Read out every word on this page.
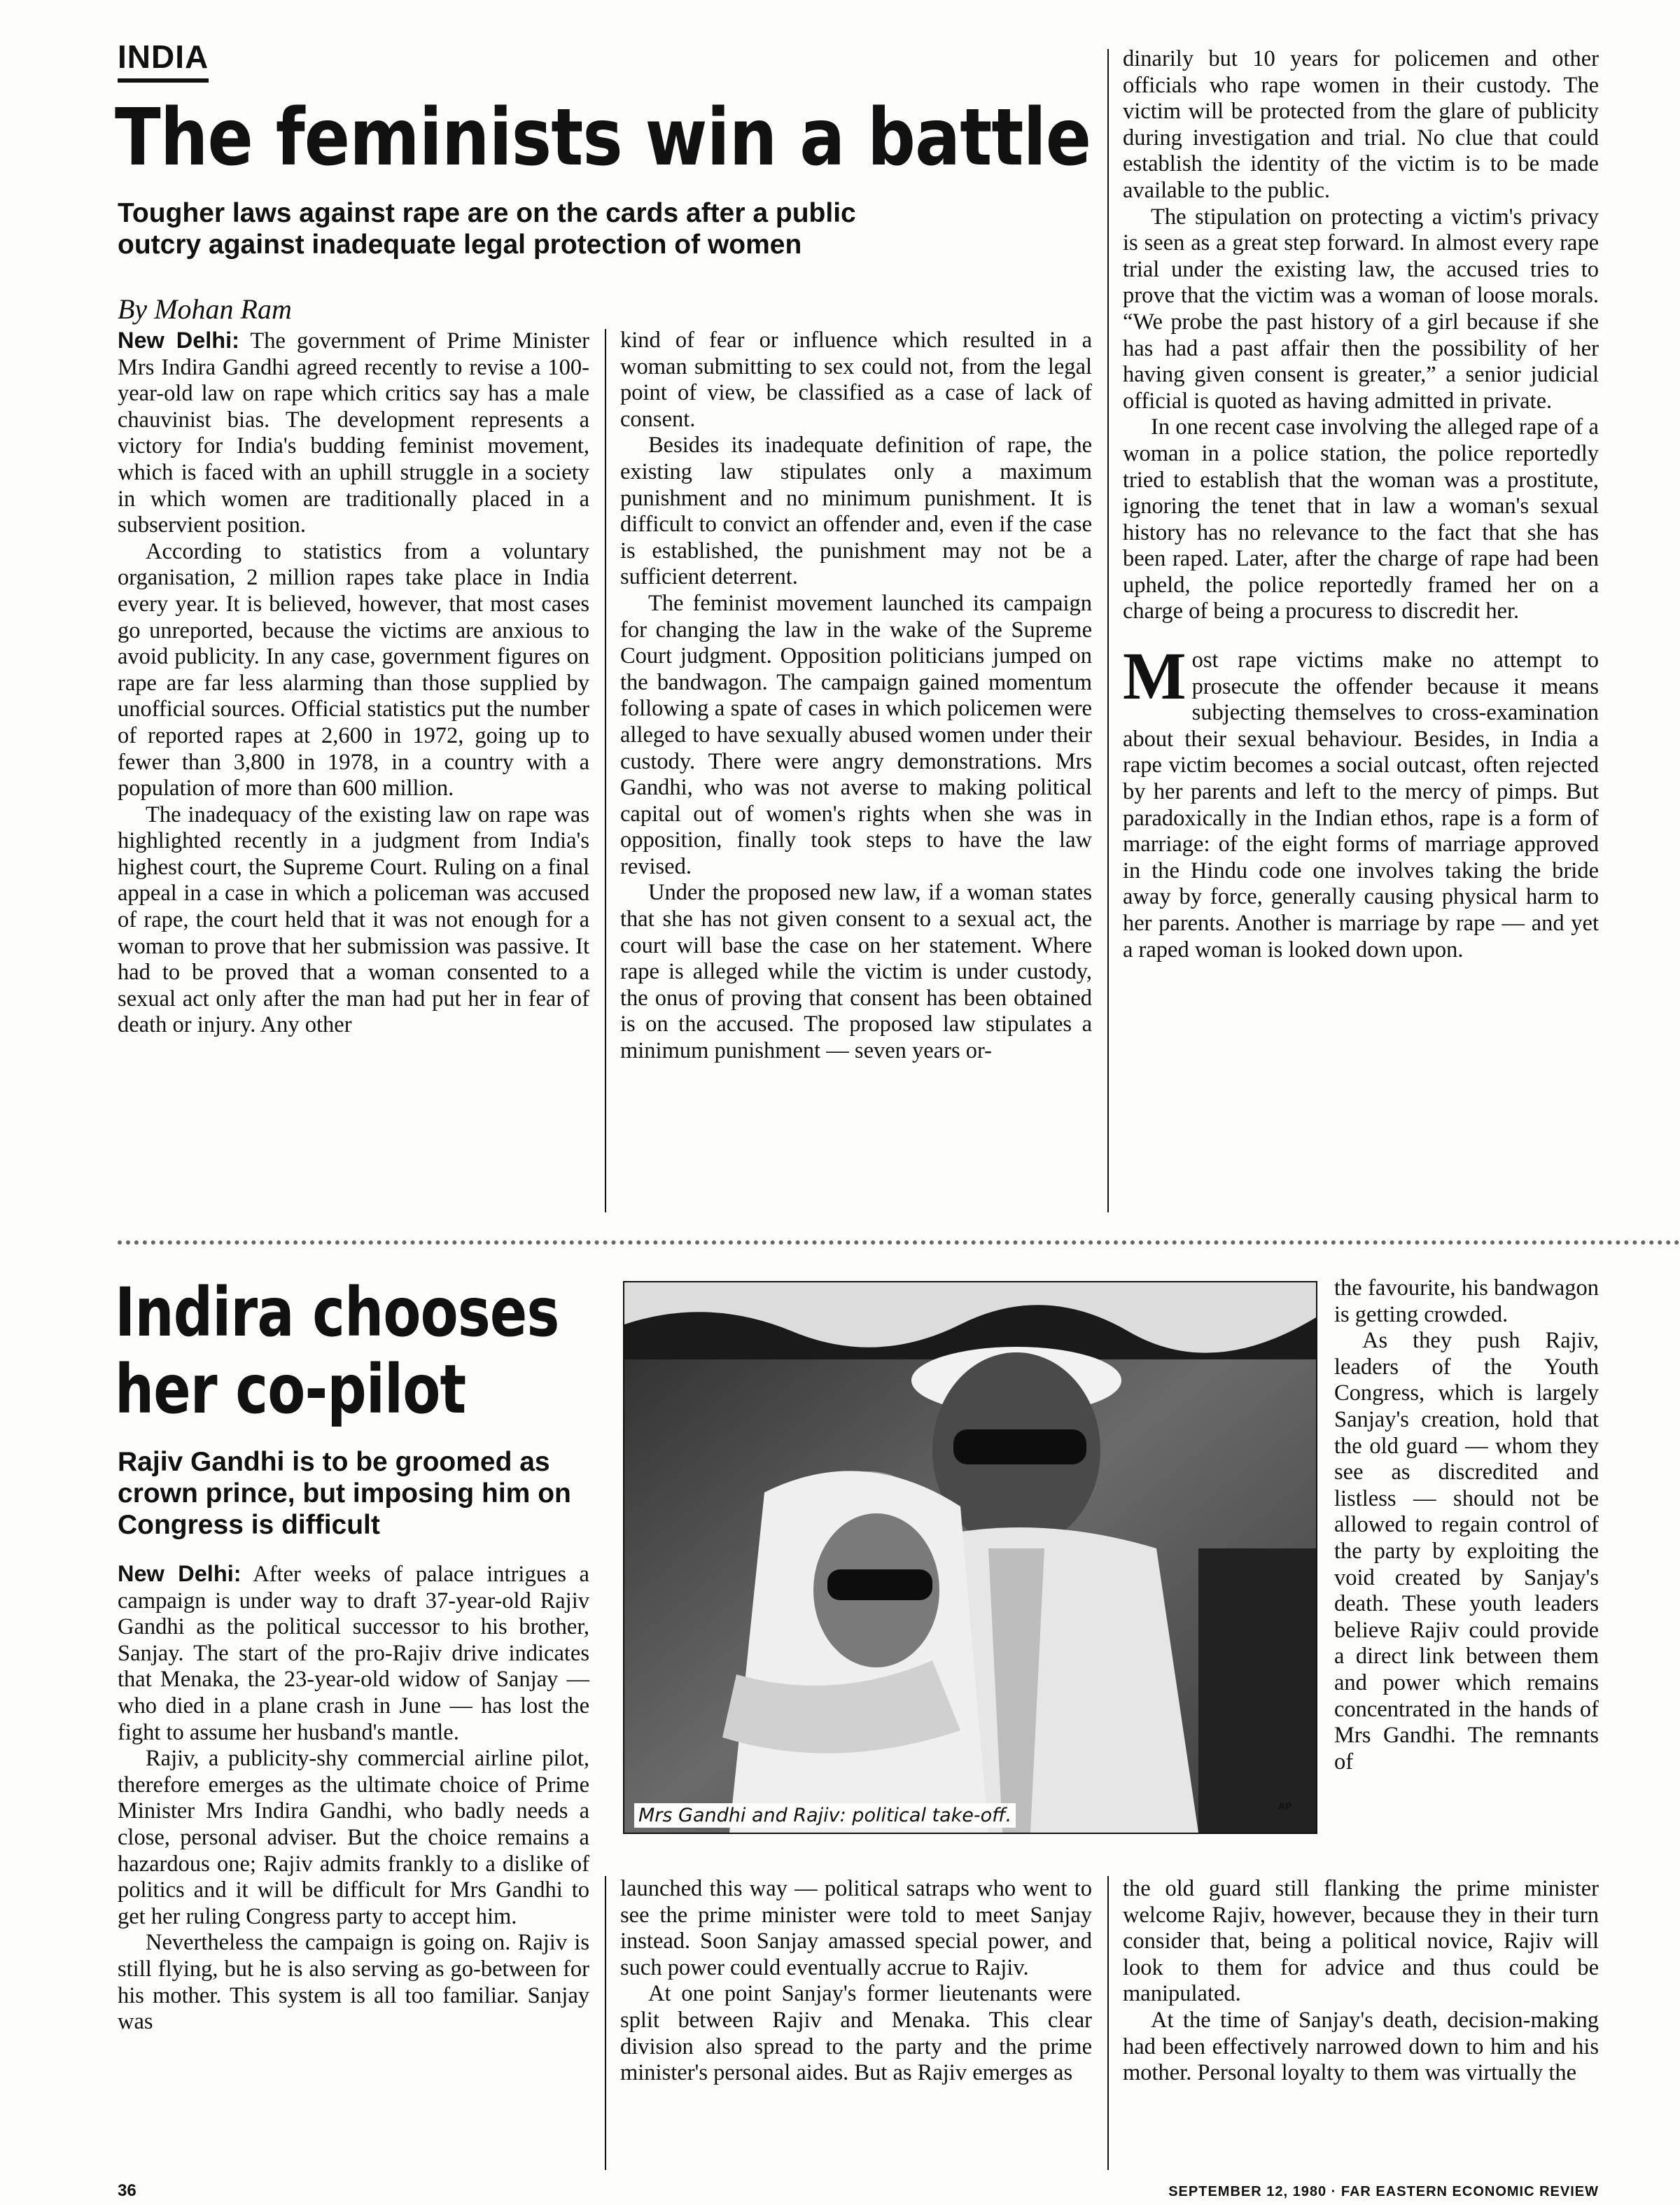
INDIA
The feminists win a battle
Tougher laws against rape are on the cards after a public outcry against inadequate legal protection of women
By Mohan Ram

New Delhi: The government of Prime Minister Mrs Indira Gandhi agreed recently to revise a 100-year-old law on rape which critics say has a male chauvinist bias. The development represents a victory for India's budding feminist movement, which is faced with an uphill struggle in a society in which women are traditionally placed in a subservient position.

According to statistics from a voluntary organisation, 2 million rapes take place in India every year. It is believed, however, that most cases go unreported, because the victims are anxious to avoid publicity. In any case, government figures on rape are far less alarming than those supplied by unofficial sources. Official statistics put the number of reported rapes at 2,600 in 1972, going up to fewer than 3,800 in 1978, in a country with a population of more than 600 million.

The inadequacy of the existing law on rape was highlighted recently in a judgment from India's highest court, the Supreme Court. Ruling on a final appeal in a case in which a policeman was accused of rape, the court held that it was not enough for a woman to prove that her submission was passive. It had to be proved that a woman consented to a sexual act only after the man had put her in fear of death or injury. Any other

kind of fear or influence which resulted in a woman submitting to sex could not, from the legal point of view, be classified as a case of lack of consent.

Besides its inadequate definition of rape, the existing law stipulates only a maximum punishment and no minimum punishment. It is difficult to convict an offender and, even if the case is established, the punishment may not be a sufficient deterrent.

The feminist movement launched its campaign for changing the law in the wake of the Supreme Court judgment. Opposition politicians jumped on the bandwagon. The campaign gained momentum following a spate of cases in which policemen were alleged to have sexually abused women under their custody. There were angry demonstrations. Mrs Gandhi, who was not averse to making political capital out of women's rights when she was in opposition, finally took steps to have the law revised.

Under the proposed new law, if a woman states that she has not given consent to a sexual act, the court will base the case on her statement. Where rape is alleged while the victim is under custody, the onus of proving that consent has been obtained is on the accused. The proposed law stipulates a minimum punishment — seven years or-

dinarily but 10 years for policemen and other officials who rape women in their custody. The victim will be protected from the glare of publicity during investigation and trial. No clue that could establish the identity of the victim is to be made available to the public.

The stipulation on protecting a victim's privacy is seen as a great step forward. In almost every rape trial under the existing law, the accused tries to prove that the victim was a woman of loose morals. “We probe the past history of a girl because if she has had a past affair then the possibility of her having given consent is greater,” a senior judicial official is quoted as having admitted in private.

In one recent case involving the alleged rape of a woman in a police station, the police reportedly tried to establish that the woman was a prostitute, ignoring the tenet that in law a woman's sexual history has no relevance to the fact that she has been raped. Later, after the charge of rape had been upheld, the police reportedly framed her on a charge of being a procuress to discredit her.

Most rape victims make no attempt to prosecute the offender because it means subjecting themselves to cross-examination about their sexual behaviour. Besides, in India a rape victim becomes a social outcast, often rejected by her parents and left to the mercy of pimps. But paradoxically in the Indian ethos, rape is a form of marriage: of the eight forms of marriage approved in the Hindu code one involves taking the bride away by force, generally causing physical harm to her parents. Another is marriage by rape — and yet a raped woman is looked down upon.

Indira chooses
her co-pilot
Rajiv Gandhi is to be groomed as crown prince, but imposing him on Congress is difficult

New Delhi: After weeks of palace intrigues a campaign is under way to draft 37-year-old Rajiv Gandhi as the political successor to his brother, Sanjay. The start of the pro-Rajiv drive indicates that Menaka, the 23-year-old widow of Sanjay — who died in a plane crash in June — has lost the fight to assume her husband's mantle.

Rajiv, a publicity-shy commercial airline pilot, therefore emerges as the ultimate choice of Prime Minister Mrs Indira Gandhi, who badly needs a close, personal adviser. But the choice remains a hazardous one; Rajiv admits frankly to a dislike of politics and it will be difficult for Mrs Gandhi to get her ruling Congress party to accept him.

Nevertheless the campaign is going on. Rajiv is still flying, but he is also serving as go-between for his mother. This system is all too familiar. Sanjay was

Mrs Gandhi and Rajiv: political take-off.	AP

the favourite, his bandwagon is getting crowded.

As they push Rajiv, leaders of the Youth Congress, which is largely Sanjay's creation, hold that the old guard — whom they see as discredited and listless — should not be allowed to regain control of the party by exploiting the void created by Sanjay's death. These youth leaders believe Rajiv could provide a direct link between them and power which remains concentrated in the hands of Mrs Gandhi. The remnants of

launched this way — political satraps who went to see the prime minister were told to meet Sanjay instead. Soon Sanjay amassed special power, and such power could eventually accrue to Rajiv.

At one point Sanjay's former lieutenants were split between Rajiv and Menaka. This clear division also spread to the party and the prime minister's personal aides. But as Rajiv emerges as

the old guard still flanking the prime minister welcome Rajiv, however, because they in their turn consider that, being a political novice, Rajiv will look to them for advice and thus could be manipulated.

At the time of Sanjay's death, decision-making had been effectively narrowed down to him and his mother. Personal loyalty to them was virtually the

36	SEPTEMBER 12, 1980 · FAR EASTERN ECONOMIC REVIEW
